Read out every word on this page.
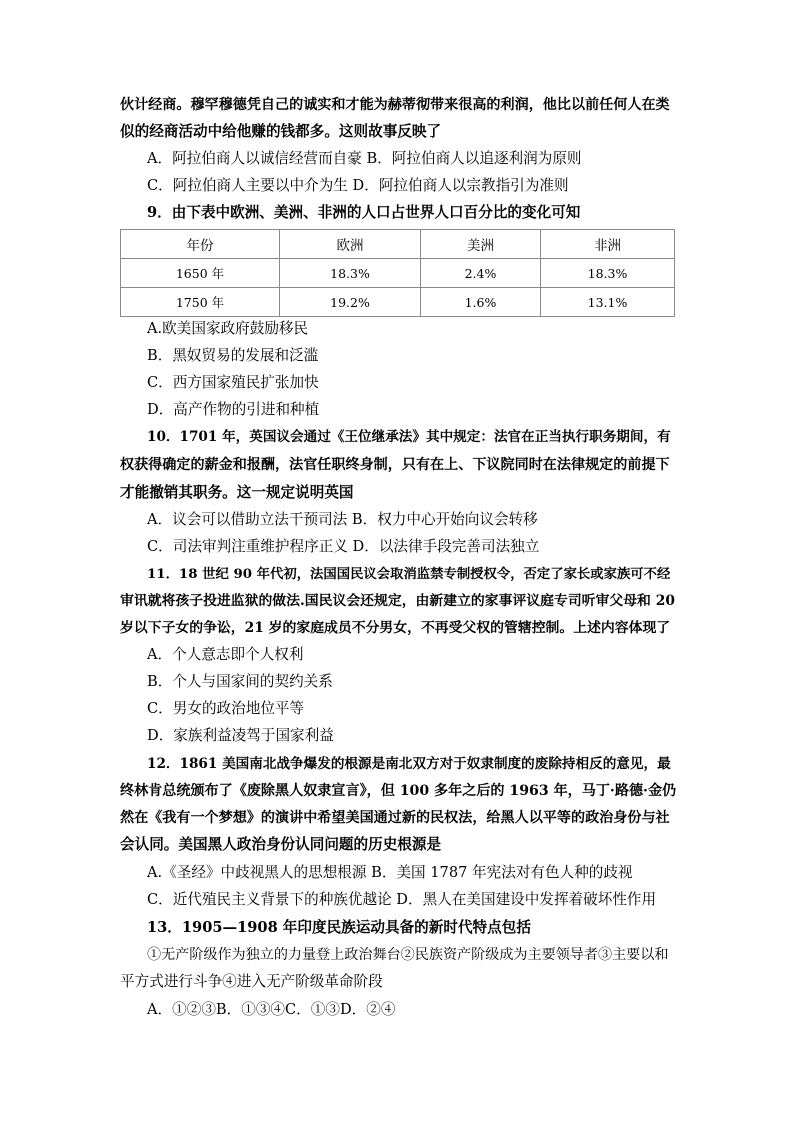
伙计经商。穆罕穆德凭自己的诚实和才能为赫蒂彻带来很高的利润，他比以前任何人在类
似的经商活动中给他赚的钱都多。这则故事反映了
A．阿拉伯商人以诚信经营而自豪 B．阿拉伯商人以追逐利润为原则
C．阿拉伯商人主要以中介为生 D．阿拉伯商人以宗教指引为准则
9．由下表中欧洲、美洲、非洲的人口占世界人口百分比的变化可知
年份	欧洲	美洲	非洲
1650 年	18.3%	2.4%	18.3%
1750 年	19.2%	1.6%	13.1%
A.欧美国家政府鼓励移民
B．黑奴贸易的发展和泛滥
C．西方国家殖民扩张加快
D．高产作物的引进和种植
10．1701 年，英国议会通过《王位继承法》其中规定：法官在正当执行职务期间，有
权获得确定的薪金和报酬，法官任职终身制，只有在上、下议院同时在法律规定的前提下
才能撤销其职务。这一规定说明英国
A．议会可以借助立法干预司法 B．权力中心开始向议会转移
C．司法审判注重维护程序正义 D．以法律手段完善司法独立
11．18 世纪 90 年代初，法国国民议会取消监禁专制授权令，否定了家长或家族可不经
审讯就将孩子投进监狱的做法.国民议会还规定，由新建立的家事评议庭专司听审父母和 20
岁以下子女的争讼，21 岁的家庭成员不分男女，不再受父权的管辖控制。上述内容体现了
A．个人意志即个人权利
B．个人与国家间的契约关系
C．男女的政治地位平等
D．家族利益凌驾于国家利益
12．1861 美国南北战争爆发的根源是南北双方对于奴隶制度的废除持相反的意见，最
终林肯总统颁布了《废除黑人奴隶宣言》，但 100 多年之后的 1963 年，马丁·路德·金仍
然在《我有一个梦想》的演讲中希望美国通过新的民权法，给黑人以平等的政治身份与社
会认同。美国黑人政治身份认同问题的历史根源是
A.《圣经》中歧视黑人的思想根源 B．美国 1787 年宪法对有色人种的歧视
C．近代殖民主义背景下的种族优越论 D．黑人在美国建设中发挥着破坏性作用
13．1905—1908 年印度民族运动具备的新时代特点包括
①无产阶级作为独立的力量登上政治舞台②民族资产阶级成为主要领导者③主要以和
平方式进行斗争④进入无产阶级革命阶段
A．①②③B．①③④C．①③D．②④
